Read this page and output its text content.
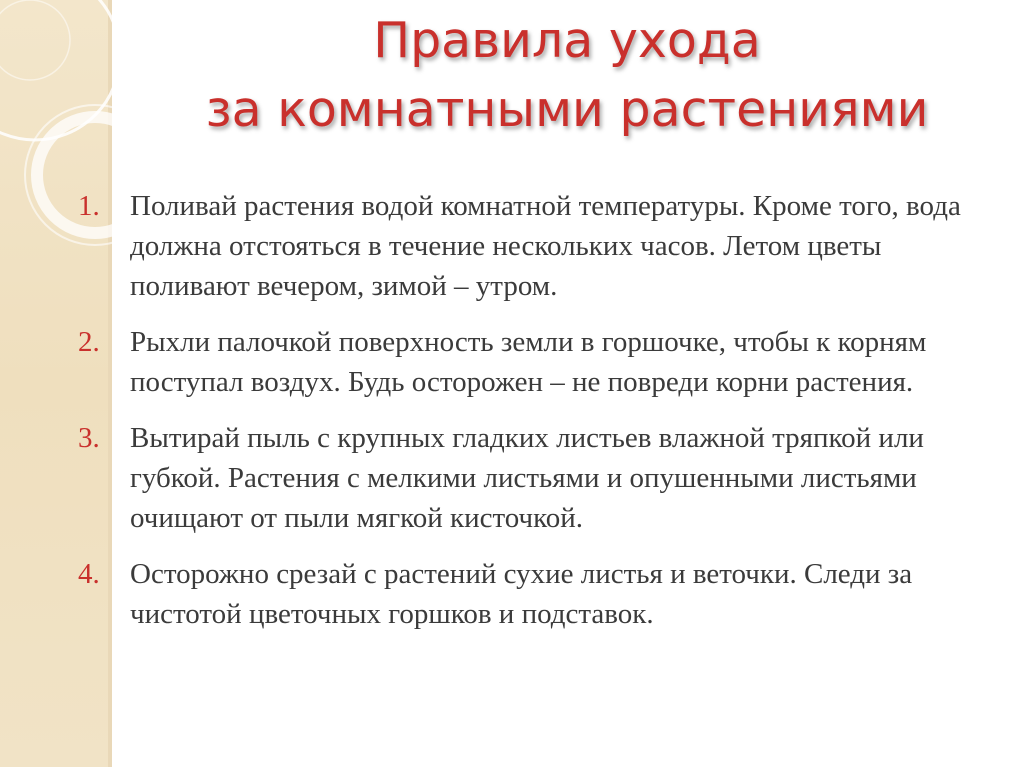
Правила ухода
за комнатными растениями
1.	Поливай растения водой комнатной температуры. Кроме того, вода должна отстояться в течение нескольких часов. Летом цветы поливают вечером, зимой – утром.
2.	Рыхли палочкой поверхность земли в горшочке, чтобы к корням поступал воздух. Будь осторожен – не повреди корни растения.
3.	Вытирай пыль с крупных гладких листьев влажной тряпкой или губкой. Растения с мелкими листьями и опушенными листьями очищают от пыли мягкой кисточкой.
4.	Осторожно срезай с растений сухие листья и веточки. Следи за чистотой цветочных горшков и подставок.
